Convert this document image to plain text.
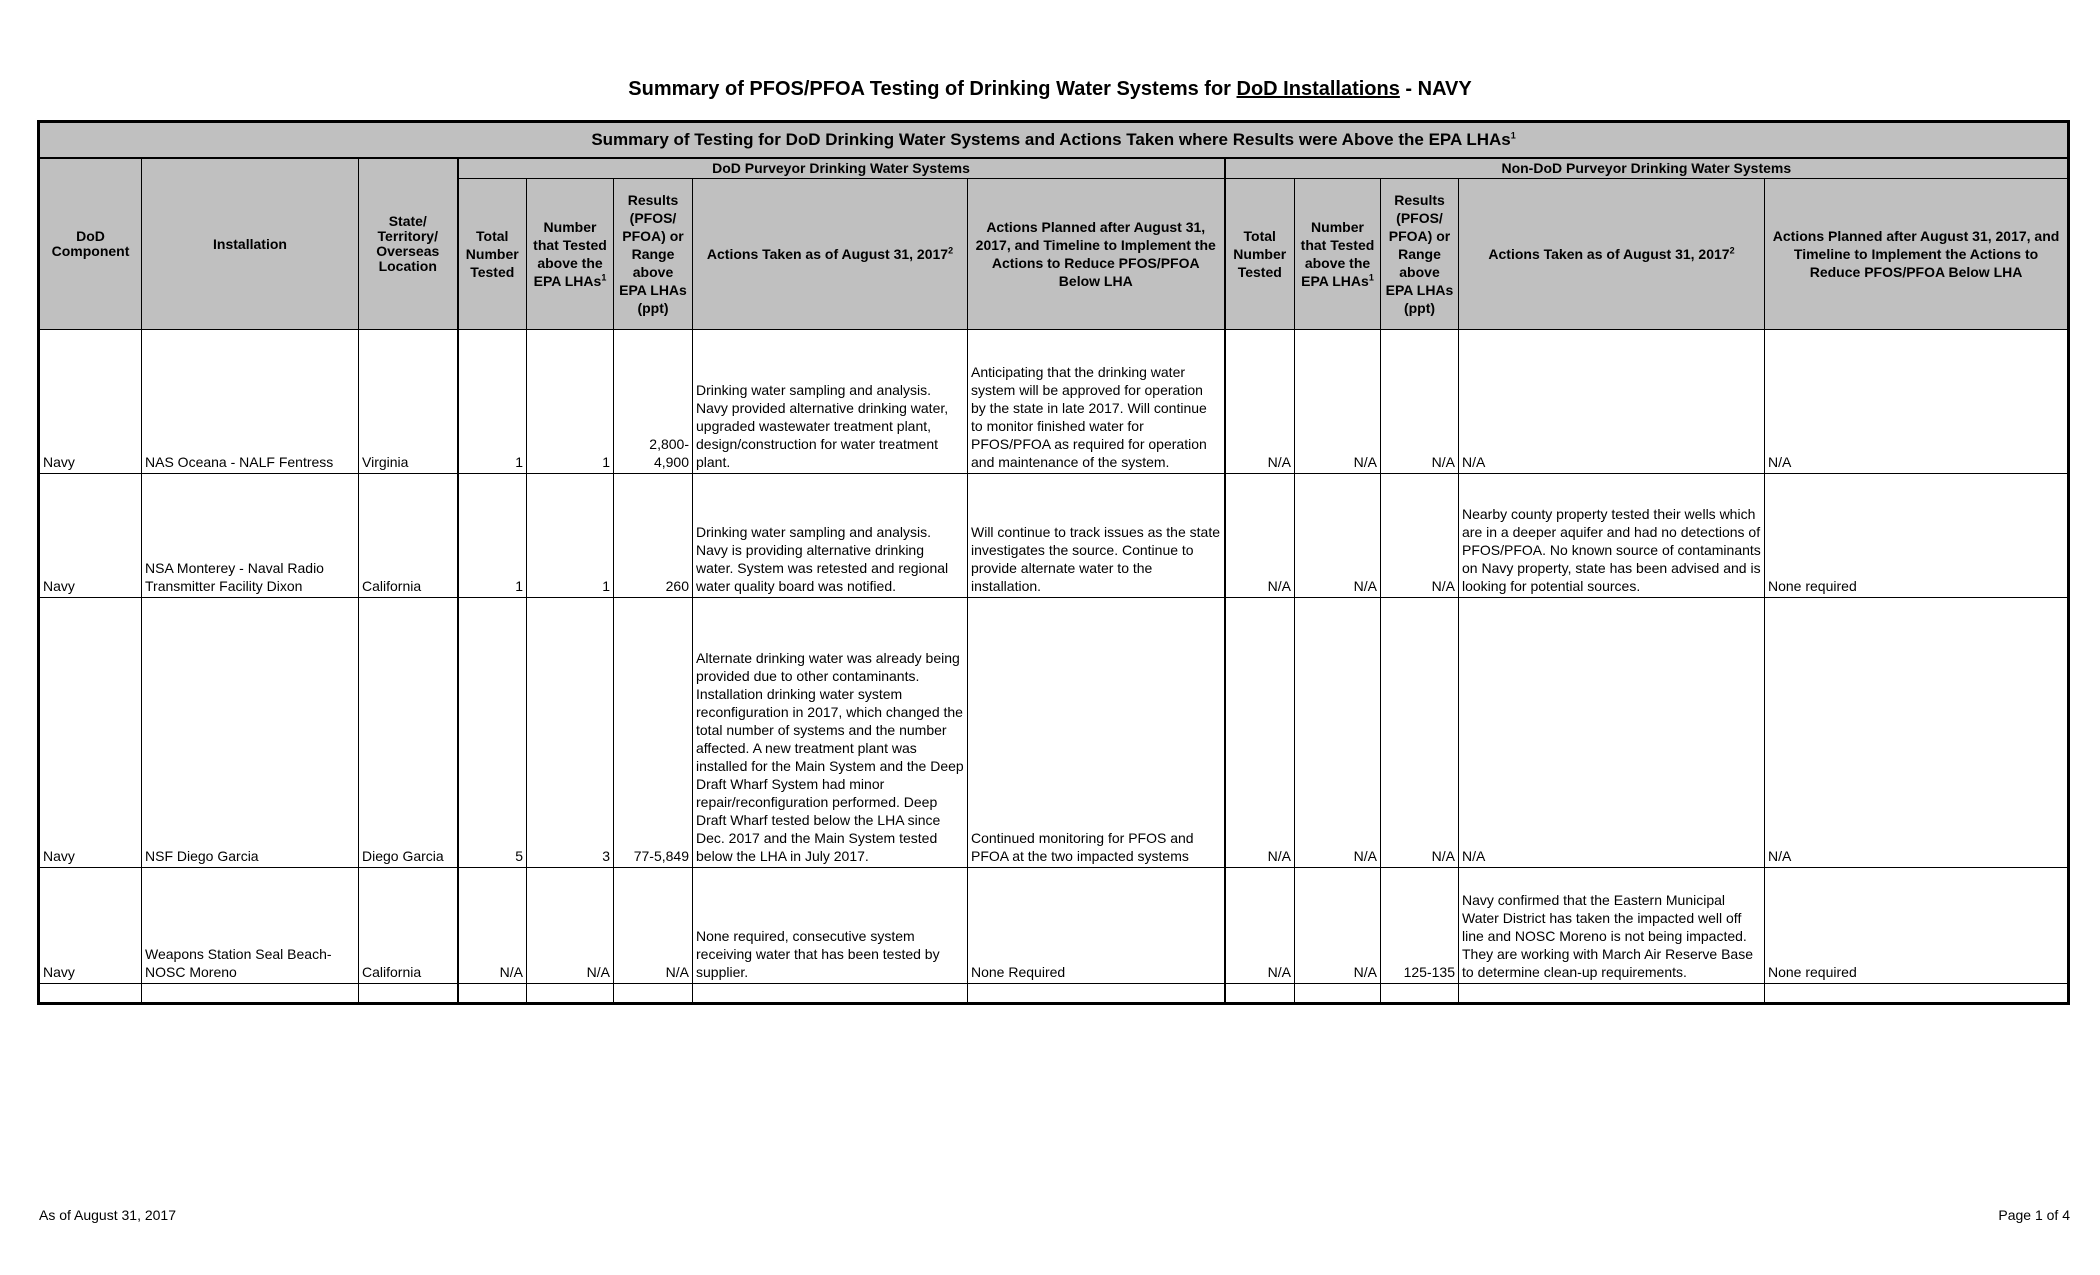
Summary of PFOS/PFOA Testing of Drinking Water Systems for DoD Installations - NAVY
Summary of Testing for DoD Drinking Water Systems and Actions Taken where Results were Above the EPA LHAs$^1$
DoD Component	Installation	State/ Territory/ Overseas Location	DoD Purveyor Drinking Water Systems					Non-DoD Purveyor Drinking Water Systems				
			Total Number Tested	Number that Tested above the EPA LHAs$^1$	Results (PFOS/ PFOA) or Range above EPA LHAs (ppt)	Actions Taken as of August 31, 2017$^2$	Actions Planned after August 31, 2017, and Timeline to Implement the Actions to Reduce PFOS/PFOA Below LHA	Total Number Tested	Number that Tested above the EPA LHAs$^1$	Results (PFOS/ PFOA) or Range above EPA LHAs (ppt)	Actions Taken as of August 31, 2017$^2$	Actions Planned after August 31, 2017, and Timeline to Implement the Actions to Reduce PFOS/PFOA Below LHA
Navy	NAS Oceana - NALF Fentress	Virginia	1	1	2,800- 4,900	Drinking water sampling and analysis. Navy provided alternative drinking water, upgraded wastewater treatment plant, design/construction for water treatment plant.	Anticipating that the drinking water system will be approved for operation by the state in late 2017. Will continue to monitor finished water for PFOS/PFOA as required for operation and maintenance of the system.	N/A	N/A	N/A	N/A	N/A
Navy	NSA Monterey - Naval Radio Transmitter Facility Dixon	California	1	1	260	Drinking water sampling and analysis. Navy is providing alternative drinking water. System was retested and regional water quality board was notified.	Will continue to track issues as the state investigates the source. Continue to provide alternate water to the installation.	N/A	N/A	N/A	Nearby county property tested their wells which are in a deeper aquifer and had no detections of PFOS/PFOA. No known source of contaminants on Navy property, state has been advised and is looking for potential sources.	None required
Navy	NSF Diego Garcia	Diego Garcia	5	3	77-5,849	Alternate drinking water was already being provided due to other contaminants. Installation drinking water system reconfiguration in 2017, which changed the total number of systems and the number affected. A new treatment plant was installed for the Main System and the Deep Draft Wharf System had minor repair/reconfiguration performed. Deep Draft Wharf tested below the LHA since Dec. 2017 and the Main System tested below the LHA in July 2017.	Continued monitoring for PFOS and PFOA at the two impacted systems	N/A	N/A	N/A	N/A	N/A
Navy	Weapons Station Seal Beach- NOSC Moreno	California	N/A	N/A	N/A	None required, consecutive system receiving water that has been tested by supplier.	None Required	N/A	N/A	125-135	Navy confirmed that the Eastern Municipal Water District has taken the impacted well off line and NOSC Moreno is not being impacted. They are working with March Air Reserve Base to determine clean-up requirements.	None required

As of August 31, 2017	Page 1 of 4
